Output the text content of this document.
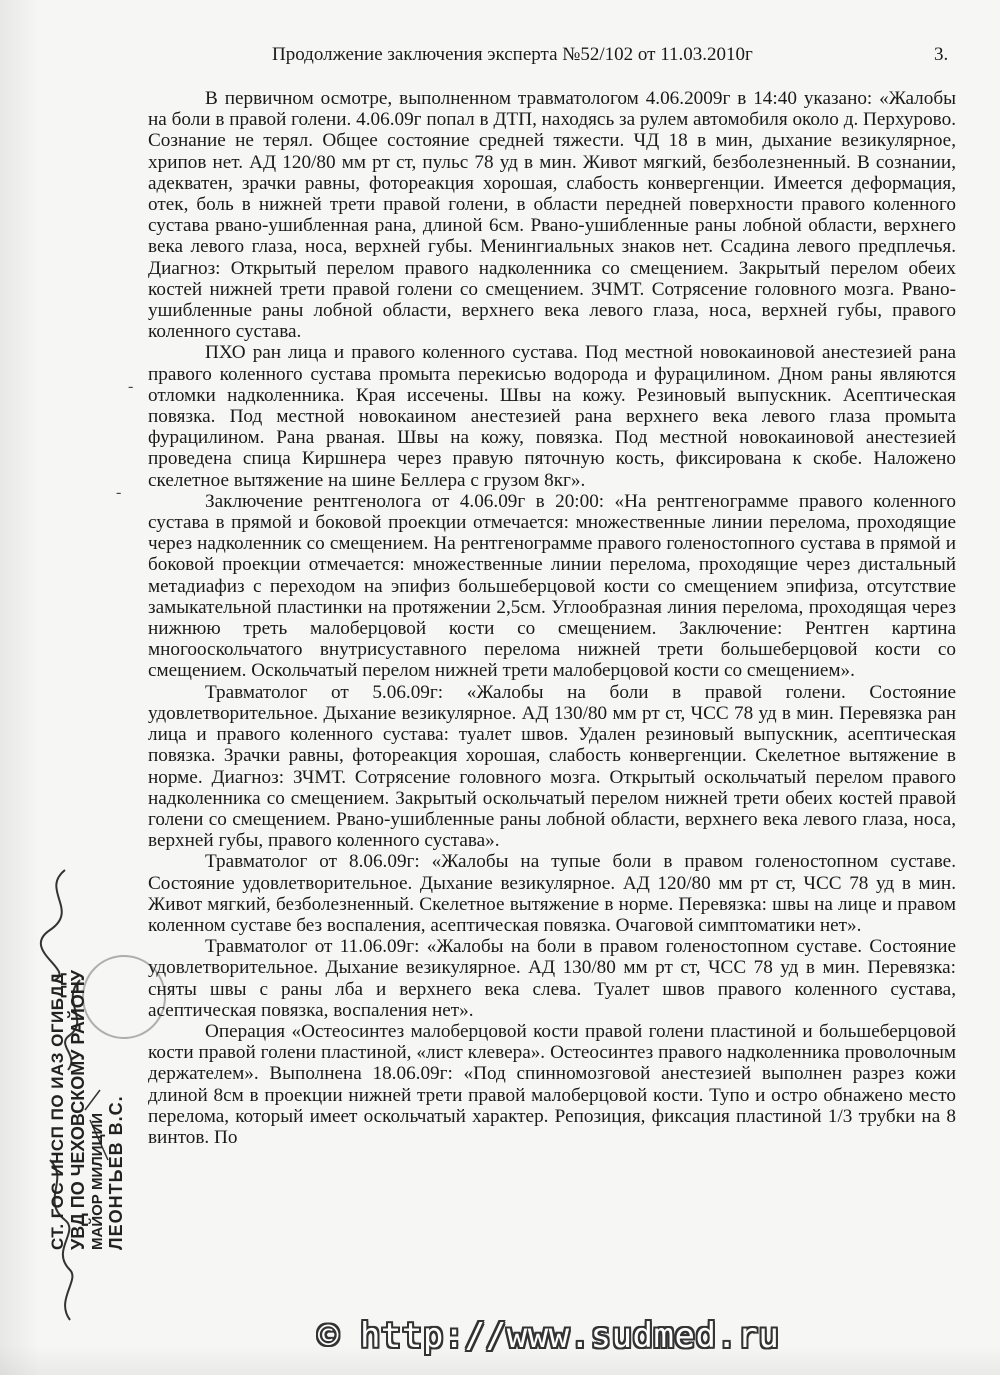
Продолжение заключения эксперта №52/102 от 11.03.2010г	3.

В первичном осмотре, выполненном травматологом 4.06.2009г в 14:40 указано: «Жалобы на боли в правой голени. 4.06.09г попал в ДТП, находясь за рулем автомобиля около д. Перхурово. Сознание не терял. Общее состояние средней тяжести. ЧД 18 в мин, дыхание везикулярное, хрипов нет. АД 120/80 мм рт ст, пульс 78 уд в мин. Живот мягкий, безболезненный. В сознании, адекватен, зрачки равны, фотореакция хорошая, слабость конвергенции. Имеется деформация, отек, боль в нижней трети правой голени, в области передней поверхности правого коленного сустава рвано-ушибленная рана, длиной 6см. Рвано-ушибленные раны лобной области, верхнего века левого глаза, носа, верхней губы. Менингиальных знаков нет. Ссадина левого предплечья. Диагноз: Открытый перелом правого надколенника со смещением. Закрытый перелом обеих костей нижней трети правой голени со смещением. ЗЧМТ. Сотрясение головного мозга. Рвано-ушибленные раны лобной области, верхнего века левого глаза, носа, верхней губы, правого коленного сустава.

ПХО ран лица и правого коленного сустава. Под местной новокаиновой анестезией рана правого коленного сустава промыта перекисью водорода и фурацилином. Дном раны являются отломки надколенника. Края иссечены. Швы на кожу. Резиновый выпускник. Асептическая повязка. Под местной новокаином анестезией рана верхнего века левого глаза промыта фурацилином. Рана рваная. Швы на кожу, повязка. Под местной новокаиновой анестезией проведена спица Киршнера через правую пяточную кость, фиксирована к скобе. Наложено скелетное вытяжение на шине Беллера с грузом 8кг».

Заключение рентгенолога от 4.06.09г в 20:00: «На рентгенограмме правого коленного сустава в прямой и боковой проекции отмечается: множественные линии перелома, проходящие через надколенник со смещением. На рентгенограмме правого голеностопного сустава в прямой и боковой проекции отмечается: множественные линии перелома, проходящие через дистальный метадиафиз с переходом на эпифиз большеберцовой кости со смещением эпифиза, отсутствие замыкательной пластинки на протяжении 2,5см. Углообразная линия перелома, проходящая через нижнюю треть малоберцовой кости со смещением. Заключение: Рентген картина многооскольчатого внутрисуставного перелома нижней трети большеберцовой кости со смещением. Оскольчатый перелом нижней трети малоберцовой кости со смещением».

Травматолог от 5.06.09г: «Жалобы на боли в правой голени. Состояние удовлетворительное. Дыхание везикулярное. АД 130/80 мм рт ст, ЧСС 78 уд в мин. Перевязка ран лица и правого коленного сустава: туалет швов. Удален резиновый выпускник, асептическая повязка. Зрачки равны, фотореакция хорошая, слабость конвергенции. Скелетное вытяжение в норме. Диагноз: ЗЧМТ. Сотрясение головного мозга. Открытый оскольчатый перелом правого надколенника со смещением. Закрытый оскольчатый перелом нижней трети обеих костей правой голени со смещением. Рвано-ушибленные раны лобной области, верхнего века левого глаза, носа, верхней губы, правого коленного сустава».

Травматолог от 8.06.09г: «Жалобы на тупые боли в правом голеностопном суставе. Состояние удовлетворительное. Дыхание везикулярное. АД 120/80 мм рт ст, ЧСС 78 уд в мин. Живот мягкий, безболезненный. Скелетное вытяжение в норме. Перевязка: швы на лице и правом коленном суставе без воспаления, асептическая повязка. Очаговой симптоматики нет».

Травматолог от 11.06.09г: «Жалобы на боли в правом голеностопном суставе. Состояние удовлетворительное. Дыхание везикулярное. АД 130/80 мм рт ст, ЧСС 78 уд в мин. Перевязка: сняты швы с раны лба и верхнего века слева. Туалет швов правого коленного сустава, асептическая повязка, воспаления нет».

Операция «Остеосинтез малоберцовой кости правой голени пластиной и большеберцовой кости правой голени пластиной, «лист клевера». Остеосинтез правого надколенника проволочным держателем». Выполнена 18.06.09г: «Под спинномозговой анестезией выполнен разрез кожи длиной 8см в проекции нижней трети правой малоберцовой кости. Тупо и остро обнажено место перелома, который имеет оскольчатый характер. Репозиция, фиксация пластиной 1/3 трубки на 8 винтов. По

-
-
СТ. ГОС ИНСП ПО ИАЗ ОГИБДД УВД ПО ЧЕХОВСКОМУ РАЙОНУ МАЙОР МИЛИЦИИ ЛЕОНТЬЕВ В.С.
© http://www.sudmed.ru
